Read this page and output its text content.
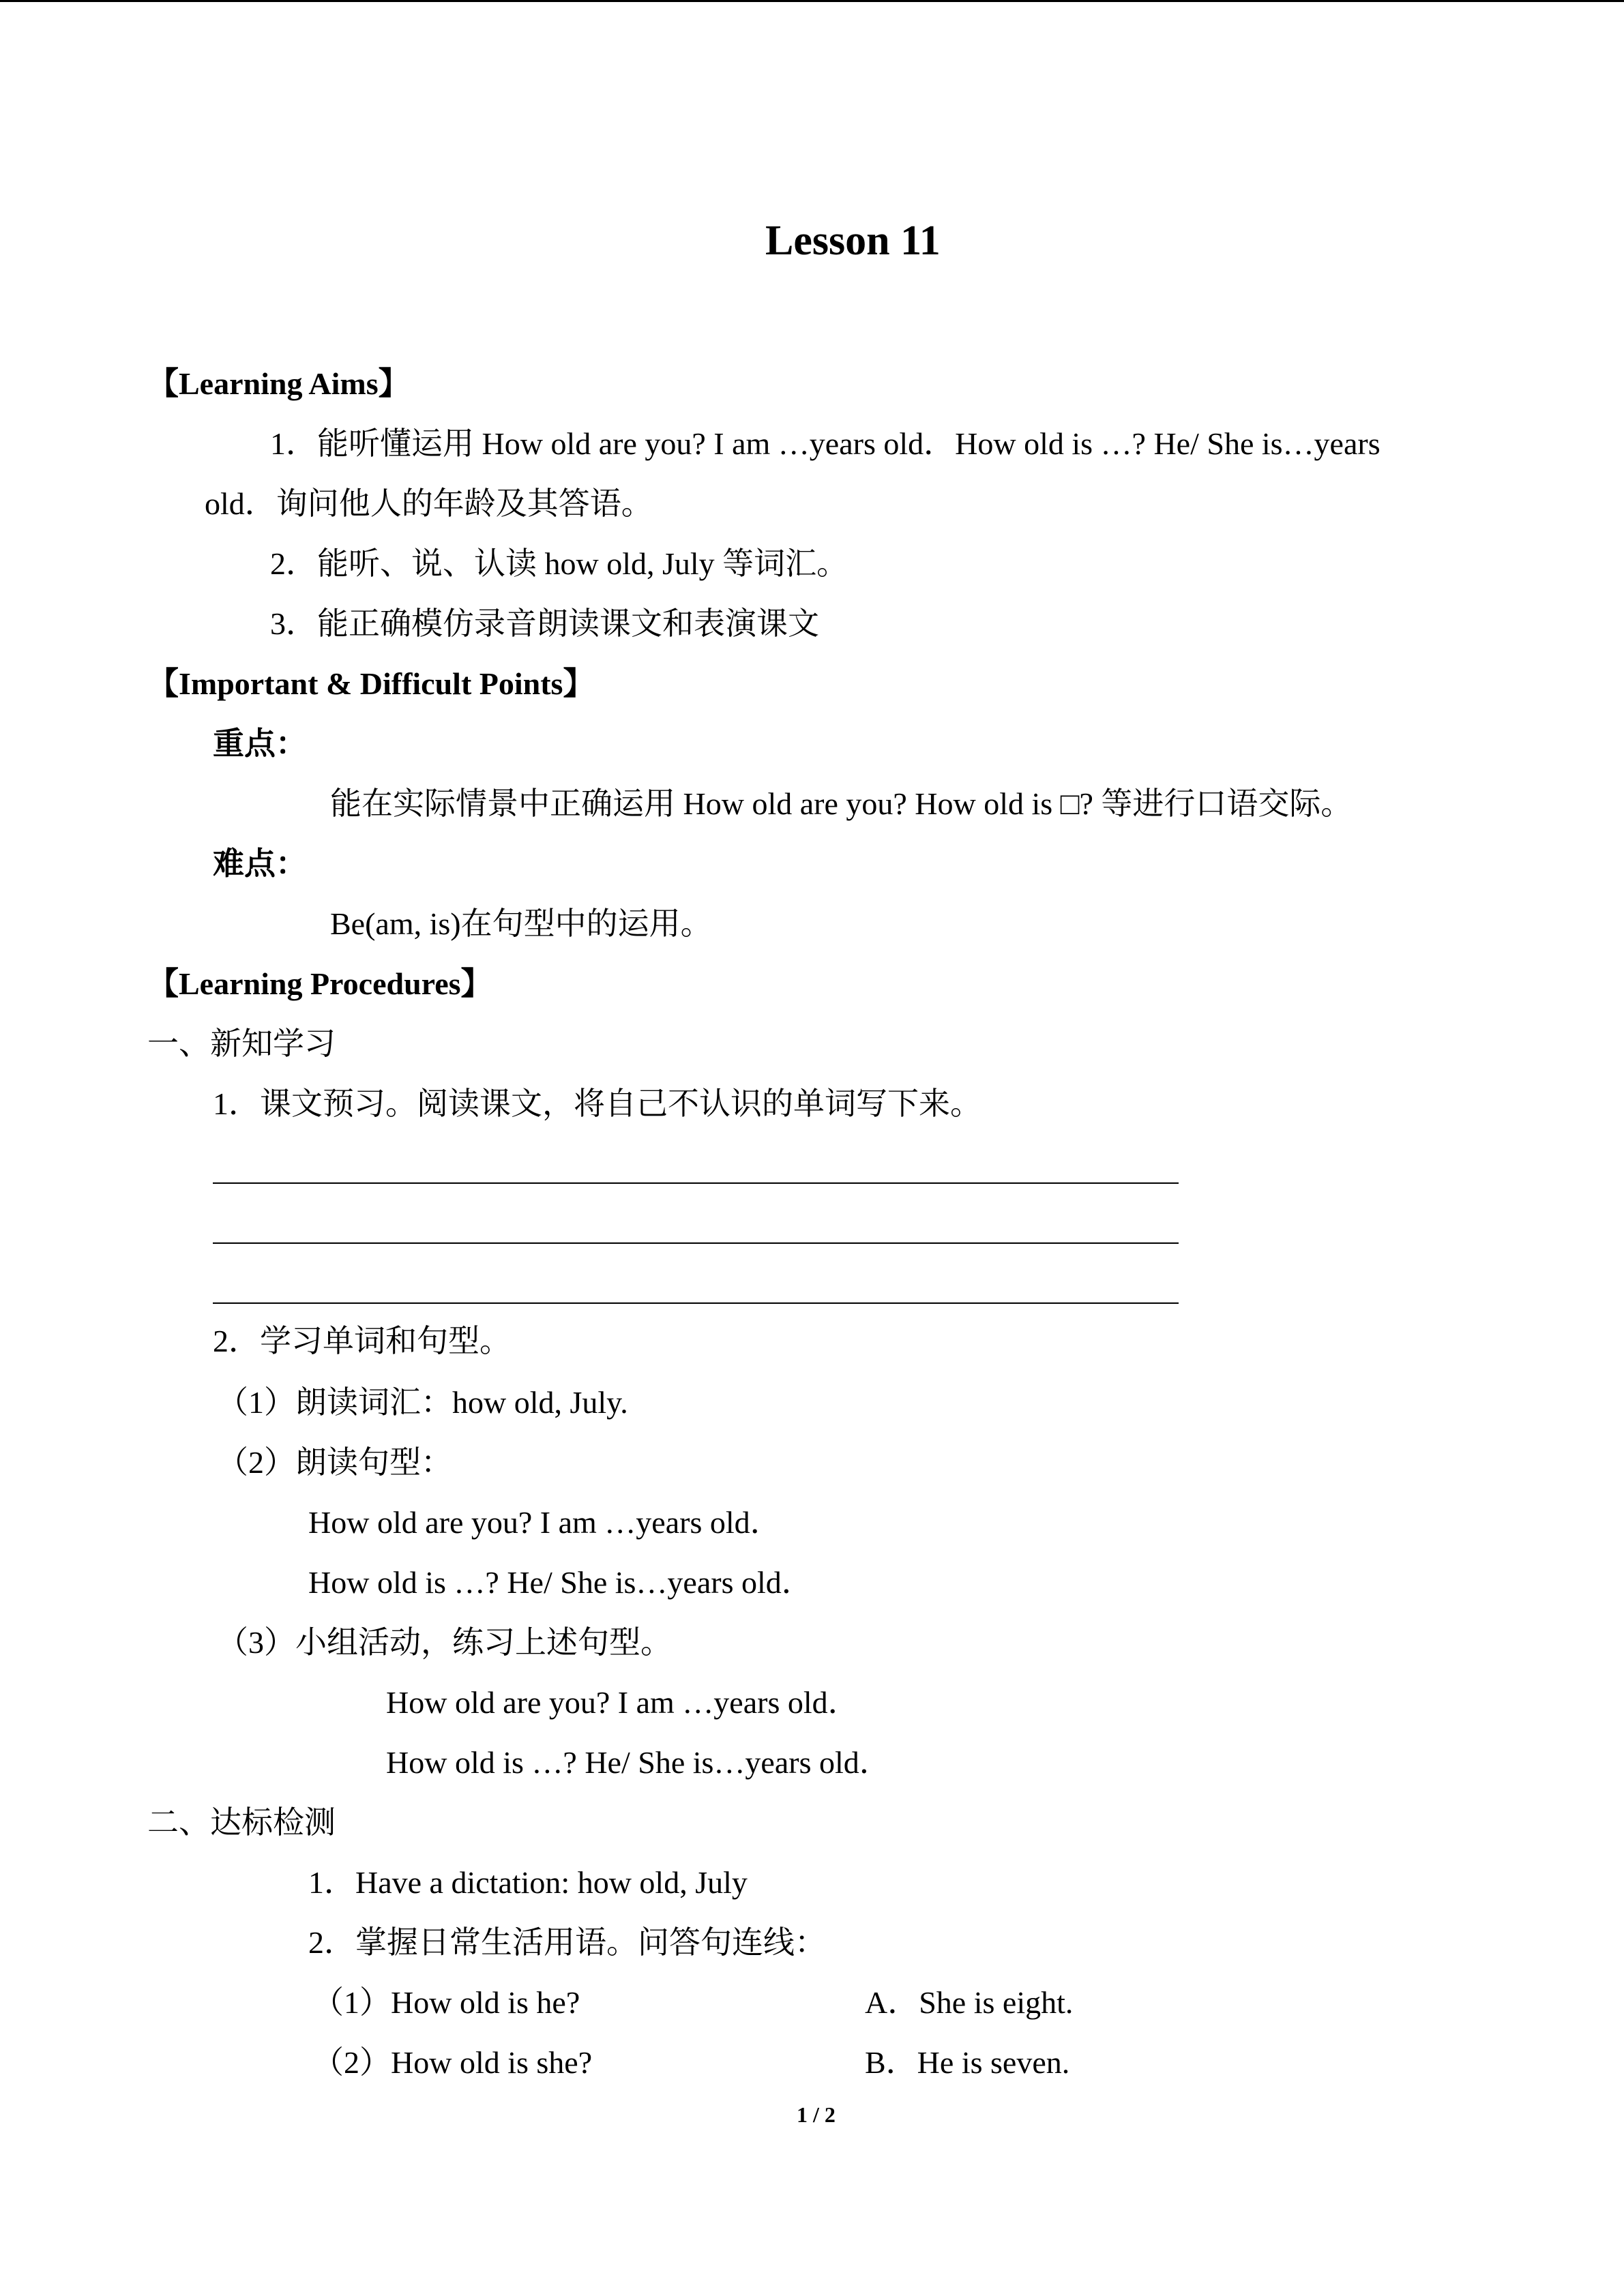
Lesson 11
【Learning Aims】
1．能听懂运用 How old are you? I am …years old．How old is …? He/ She is…years
old．询问他人的年龄及其答语。
2．能听、说、认读 how old, July 等词汇。
3．能正确模仿录音朗读课文和表演课文
【Important & Difficult Points】
重点：
能在实际情景中正确运用 How old are you? How old is □? 等进行口语交际。
难点：
Be(am, is)在句型中的运用。
【Learning Procedures】
一、新知学习
1．课文预习。阅读课文，将自己不认识的单词写下来。
2．学习单词和句型。
（1）朗读词汇：how old, July.
（2）朗读句型：
How old are you? I am …years old．
How old is …? He/ She is…years old．
（3）小组活动，练习上述句型。
How old are you? I am …years old．
How old is …? He/ She is…years old．
二、达标检测
1．Have a dictation: how old, July
2．掌握日常生活用语。问答句连线：
（1）How old is he?	A．She is eight.
（2）How old is she?	B．He is seven.
1 / 2
